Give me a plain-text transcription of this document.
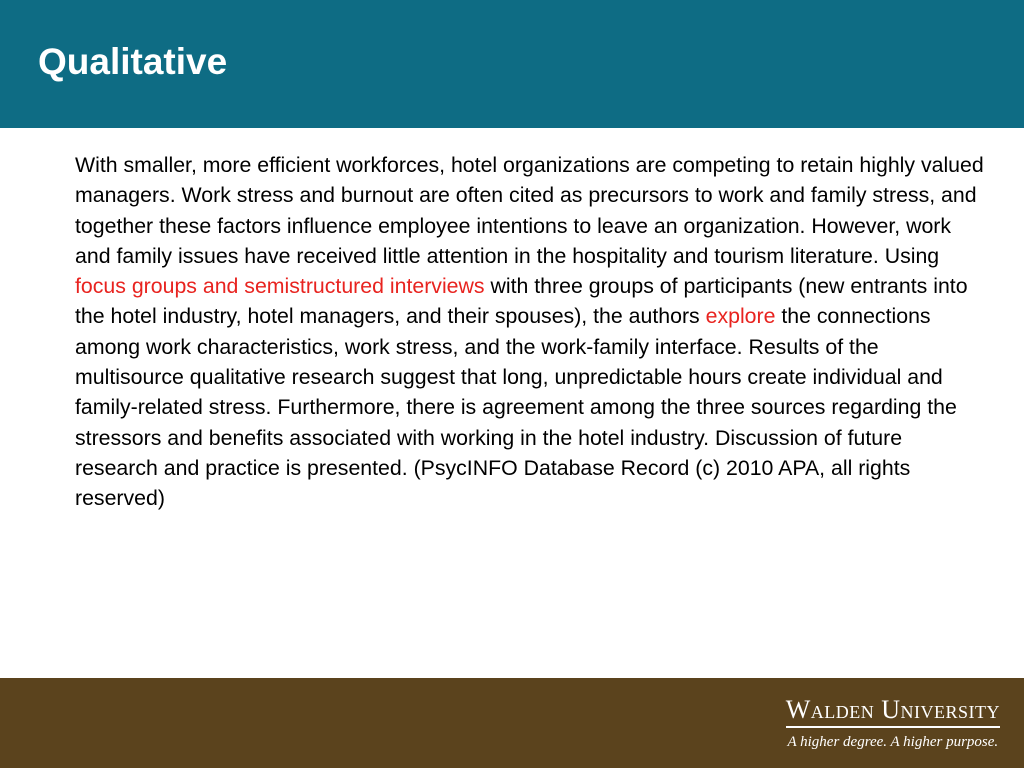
Qualitative

With smaller, more efficient workforces, hotel organizations are competing to retain highly valued managers. Work stress and burnout are often cited as precursors to work and family stress, and together these factors influence employee intentions to leave an organization. However, work and family issues have received little attention in the hospitality and tourism literature. Using focus groups and semistructured interviews with three groups of participants (new entrants into the hotel industry, hotel managers, and their spouses), the authors explore the connections among work characteristics, work stress, and the work-family interface. Results of the multisource qualitative research suggest that long, unpredictable hours create individual and family-related stress. Furthermore, there is agreement among the three sources regarding the stressors and benefits associated with working in the hotel industry. Discussion of future research and practice is presented. (PsycINFO Database Record (c) 2010 APA, all rights reserved)

Walden University
A higher degree. A higher purpose.
